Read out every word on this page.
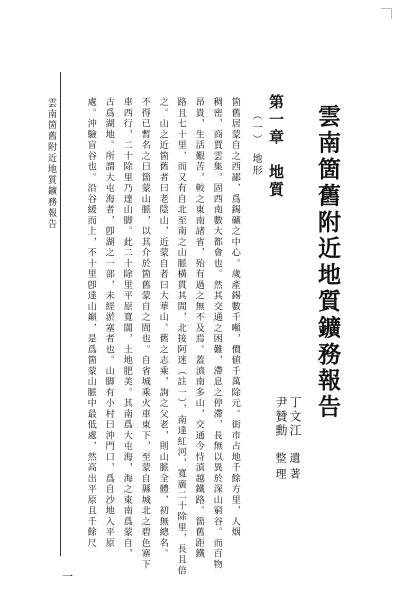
雲南箇舊附近地質鑛務報告
丁文江
遺著
尹贊勳
整理
第一章　地質
（一）　地形
箇舊居蒙自之西鄙，爲錫礦之中心。歲產錫數千噸，價値千萬除元。街市占地千餘方里，人烟
稠密，商賈雲集，固西南數大都會也。然其交通之困難，滯息之停滯，長無以異於深山窮谷。而百物
昂貴，生活艱苦，較之東南諸省，殆有過之無不及焉。蓋滇南多山，交通今恃滇越鐵路。箇舊距鐵
路且七十里，而又有自北至南之山脈橫貫其間，北接阿迷（註一），南達紅河，寬廣二十除里，長且倍
之。山之近箇舊者曰老陰山，近蒙自者曰大華山。舊之志乘，詢之父老，則山脈全體，初無總名。
不得已暫名之曰箇蒙山脈，以其介於箇舊蒙自之間也。自省城乘火車東下，至蒙自縣城北之碧色寨下
車西行，二十除里乃達山脚。此二十除里平原寬闊，土地肥美。其南爲大屯海，海之東南爲蒙自，
古爲湖地。所謂大屯海者，卽湖之一部，未經淤塞者也。山脚有小村曰沖門口，爲自沙地入平原
處。沖驗盲谷也。沿谷緩而上，不十里卽達山巔，是爲箇蒙山脈中最低處，然高出平原且千餘尺
雲南箇舊附近地質鑛務報告
一
